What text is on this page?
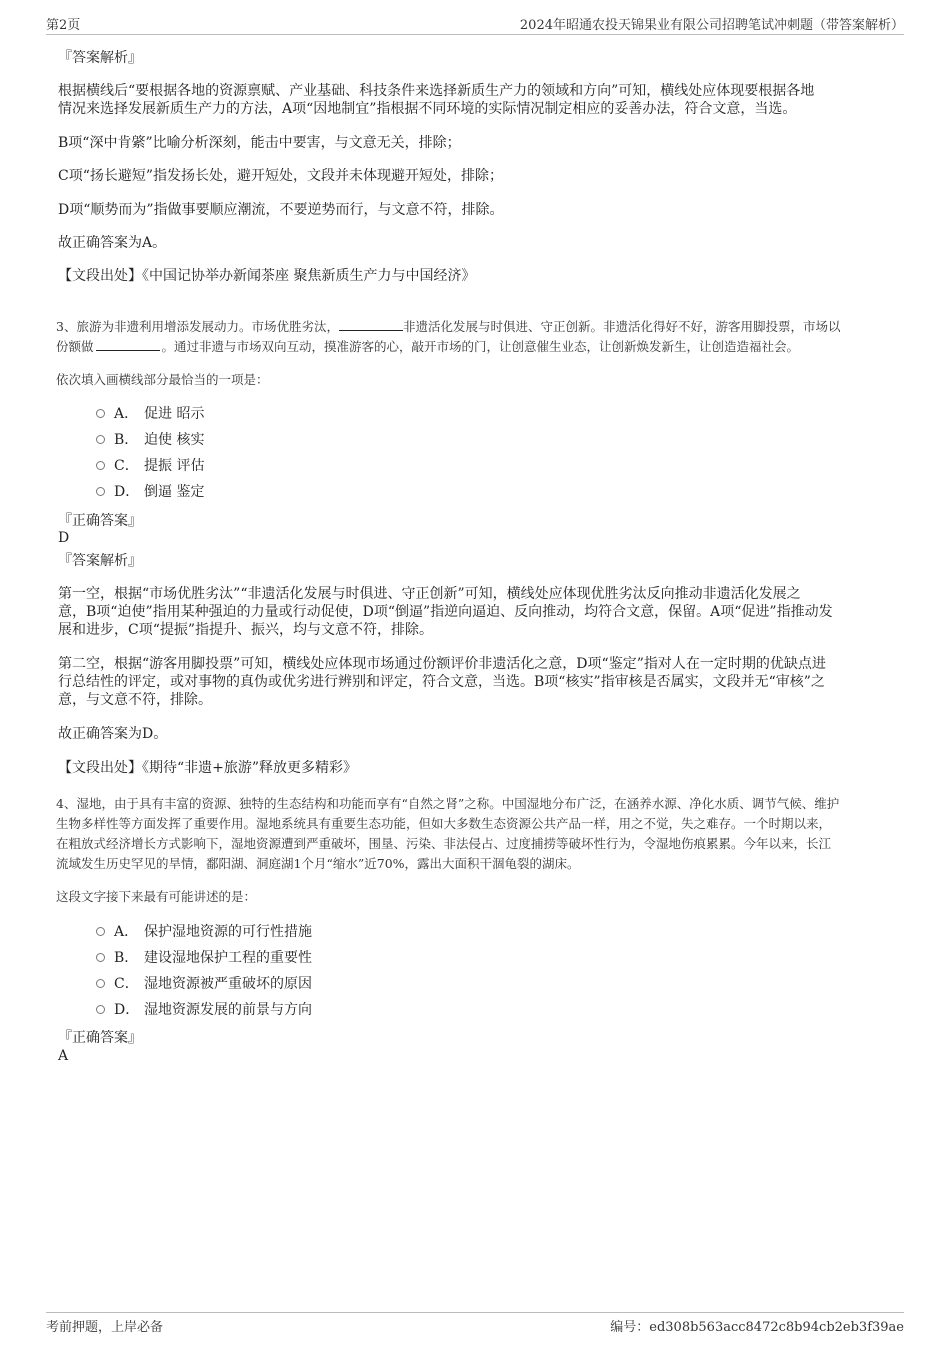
第2页	2024年昭通农投天锦果业有限公司招聘笔试冲刺题（带答案解析）
『答案解析』
根据横线后“要根据各地的资源禀赋、产业基础、科技条件来选择新质生产力的领域和方向”可知，横线处应体现要根据各地
情况来选择发展新质生产力的方法，A项“因地制宜”指根据不同环境的实际情况制定相应的妥善办法，符合文意，当选。
B项“深中肯綮”比喻分析深刻，能击中要害，与文意无关，排除；
C项“扬长避短”指发扬长处，避开短处，文段并未体现避开短处，排除；
D项“顺势而为”指做事要顺应潮流，不要逆势而行，与文意不符，排除。
故正确答案为A。
【文段出处】《中国记协举办新闻茶座 聚焦新质生产力与中国经济》
3、旅游为非遗利用增添发展动力。市场优胜劣汰，	非遗活化发展与时俱进、守正创新。非遗活化得好不好，游客用脚投票，市场以
份额做	。通过非遗与市场双向互动，摸准游客的心，敲开市场的门，让创意催生业态，让创新焕发新生，让创造造福社会。
依次填入画横线部分最恰当的一项是：
A． 促进 昭示
B． 迫使 核实
C． 提振 评估
D． 倒逼 鉴定
『正确答案』
D
『答案解析』
第一空，根据“市场优胜劣汰”“非遗活化发展与时俱进、守正创新”可知，横线处应体现优胜劣汰反向推动非遗活化发展之
意，B项“迫使”指用某种强迫的力量或行动促使，D项“倒逼”指逆向逼迫、反向推动，均符合文意，保留。A项“促进”指推动发
展和进步，C项“提振”指提升、振兴，均与文意不符，排除。
第二空，根据“游客用脚投票”可知，横线处应体现市场通过份额评价非遗活化之意，D项“鉴定”指对人在一定时期的优缺点进
行总结性的评定，或对事物的真伪或优劣进行辨别和评定，符合文意，当选。B项“核实”指审核是否属实，文段并无“审核”之
意，与文意不符，排除。
故正确答案为D。
【文段出处】《期待“非遗+旅游”释放更多精彩》
4、湿地，由于具有丰富的资源、独特的生态结构和功能而享有“自然之肾”之称。中国湿地分布广泛，在涵养水源、净化水质、调节气候、维护
生物多样性等方面发挥了重要作用。湿地系统具有重要生态功能，但如大多数生态资源公共产品一样，用之不觉，失之难存。一个时期以来，
在粗放式经济增长方式影响下，湿地资源遭到严重破坏，围垦、污染、非法侵占、过度捕捞等破坏性行为，令湿地伤痕累累。今年以来，长江
流域发生历史罕见的旱情，鄱阳湖、洞庭湖1个月“缩水”近70%，露出大面积干涸龟裂的湖床。
这段文字接下来最有可能讲述的是：
A． 保护湿地资源的可行性措施
B． 建设湿地保护工程的重要性
C． 湿地资源被严重破坏的原因
D． 湿地资源发展的前景与方向
『正确答案』
A
考前押题，上岸必备	编号：ed308b563acc8472c8b94cb2eb3f39ae
